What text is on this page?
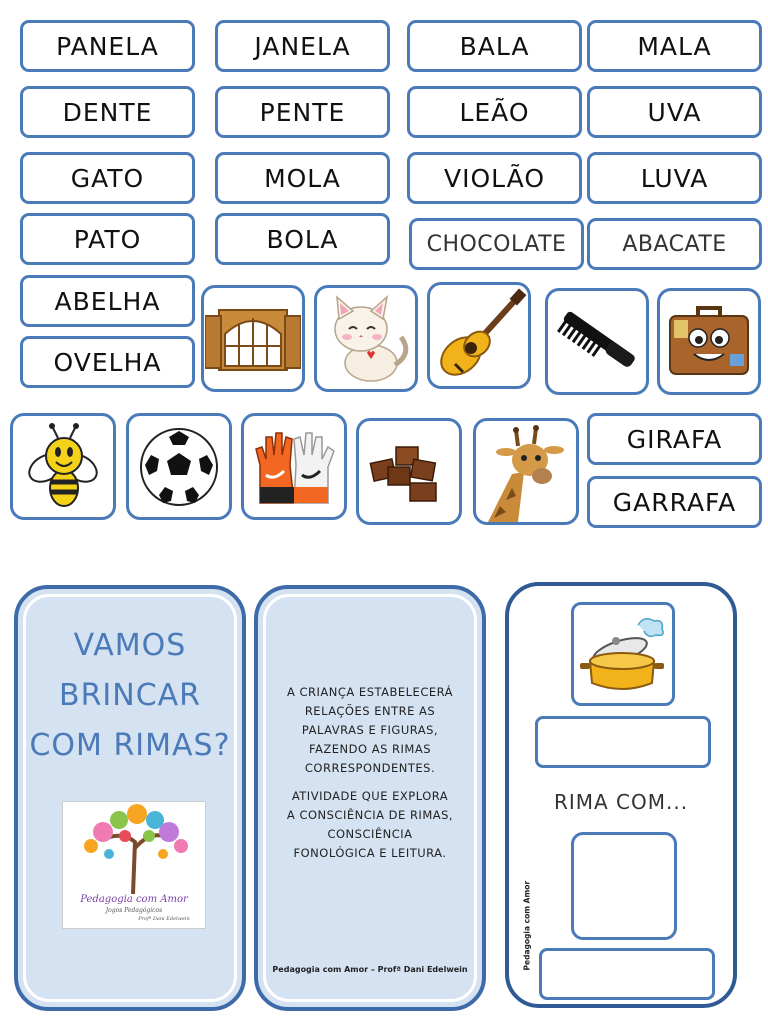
PANELA	JANELA	BALA	MALA
DENTE	PENTE	LEÃO	UVA
GATO	MOLA	VIOLÃO	LUVA
PATO	BOLA	CHOCOLATE	ABACATE
ABELHA
OVELHA
GIRAFA
GARRAFA
VAMOS
BRINCAR
COM RIMAS?
Pedagogia com Amor
Jogos Pedagógicos
Profª Dani Edelwein
A CRIANÇA ESTABELECERÁ
RELAÇÕES ENTRE AS
PALAVRAS E FIGURAS,
FAZENDO AS RIMAS
CORRESPONDENTES.
ATIVIDADE QUE EXPLORA
A CONSCIÊNCIA DE RIMAS,
CONSCIÊNCIA
FONOLÓGICA E LEITURA.
Pedagogia com Amor – Profª Dani Edelwein
RIMA COM...
Pedagogia com Amor
